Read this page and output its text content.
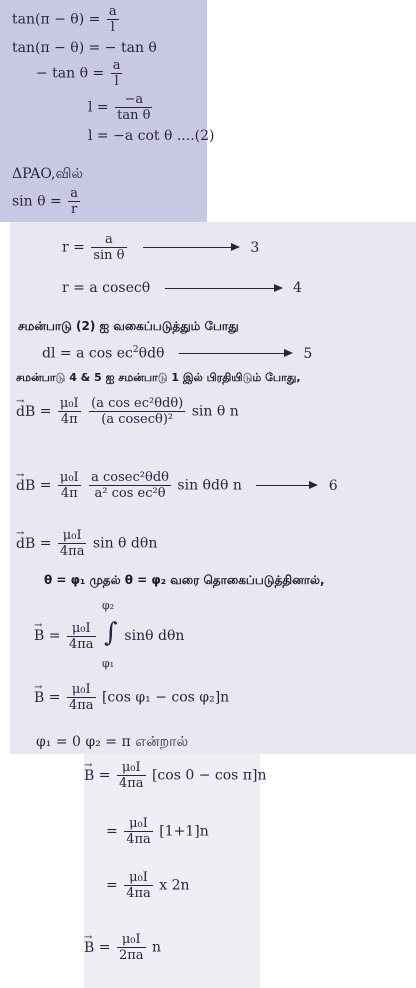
$\tan(\pi - \theta) = \frac{a}{l}$
tan(π − θ) = − tan θ
− $\tan \theta = \frac{a}{l}$
$l = \frac{-a}{\text{tan θ}}$
l = −a cot θ ....(2)
ΔPAO,வில்
$\sin \theta = \frac{a}{r}$
$r = \frac{a}{\text{sin θ}}$	3
r = a cosecθ	4
சமன்பாடு (2) ஐ வகைப்படுத்தும் போது
dl = a $\cos ec^2\theta d\theta$	5
சமன்பாடு 4 & 5 ஐ சமன்பாடு 1 இல் பிரதியிடும் போது,
→ dB = $\frac{\text{μ₀I}}{4\pi}$
$\frac{\text{(a cos ec²θdθ)}}{\text{(a cosecθ)²}}$ sin θ n
→ dB = $\frac{\text{μ₀I}}{4\pi}$
$\frac{\text{a cosec²θdθ}}{\text{a² cos ec²θ}}$ sin θdθ n	6
→ dB = $\frac{\text{μ₀I}}{4\pi a}$ sin θ dθn
θ = φ₁ முதல் θ = φ₂ வரை தொகைப்படுத்தினால்,
→ $B = \frac{\text{μ₀I}}{4\pi a}$
∫
φ₂
φ₁
sinθ dθn
→ $B = \frac{\text{μ₀I}}{4\pi a} [\cos$ φ₁ − cos φ₂]n
φ₁ = 0 φ₂ = π என்றால்
→ $B = \frac{\text{μ₀I}}{4\pi a} [\cos$ 0 − cos π]n
= $\frac{\text{μ₀I}}{4\pi a} [1+1]n$
= $\frac{\text{μ₀I}}{4\pi a}$ x 2n
→ $B = \frac{\text{μ₀I}}{2\pi a}$ n
